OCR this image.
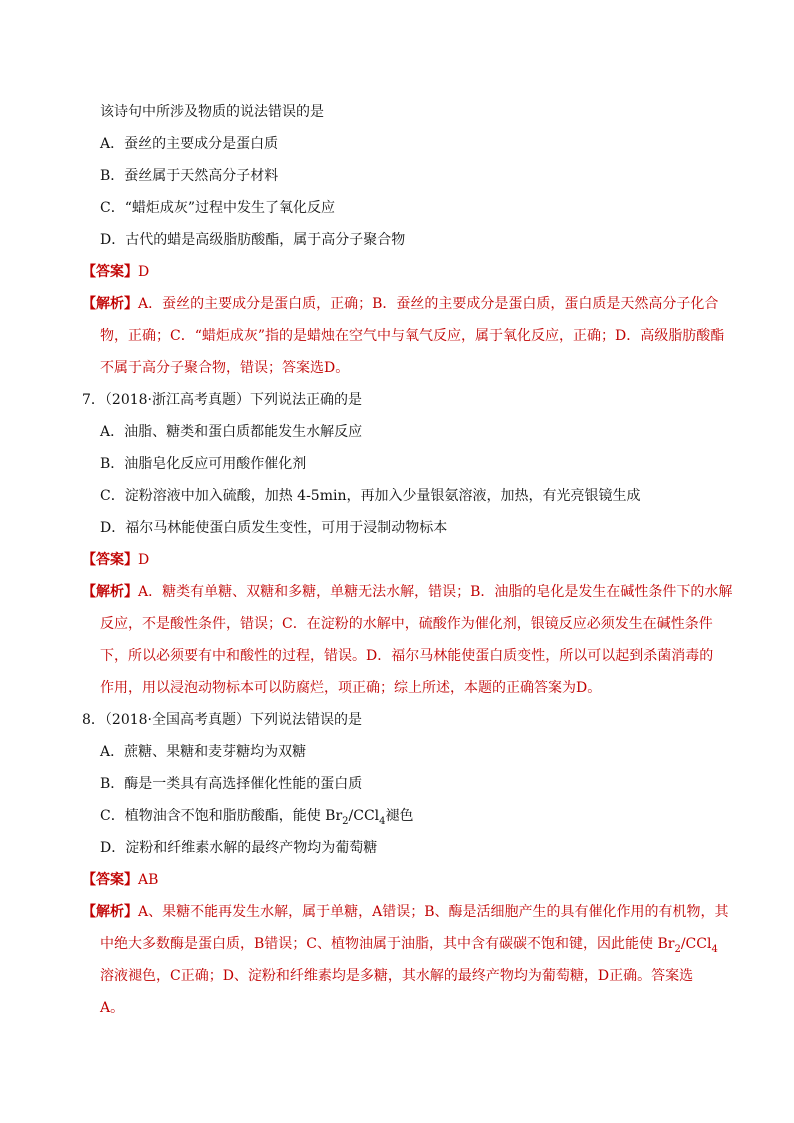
该诗句中所涉及物质的说法错误的是
A．蚕丝的主要成分是蛋白质
B．蚕丝属于天然高分子材料
C．“蜡炬成灰”过程中发生了氧化反应
D．古代的蜡是高级脂肪酸酯，属于高分子聚合物
【答案】D
【解析】A．蚕丝的主要成分是蛋白质，正确；B．蚕丝的主要成分是蛋白质，蛋白质是天然高分子化合
物，正确；C．“蜡炬成灰”指的是蜡烛在空气中与氧气反应，属于氧化反应，正确；D．高级脂肪酸酯
不属于高分子聚合物，错误；答案选D。
7．（2018·浙江高考真题）下列说法正确的是
A．油脂、糖类和蛋白质都能发生水解反应
B．油脂皂化反应可用酸作催化剂
C．淀粉溶液中加入硫酸，加热 4-5min，再加入少量银氨溶液，加热，有光亮银镜生成
D．福尔马林能使蛋白质发生变性，可用于浸制动物标本
【答案】D
【解析】A．糖类有单糖、双糖和多糖，单糖无法水解，错误；B．油脂的皂化是发生在碱性条件下的水解
反应，不是酸性条件，错误；C．在淀粉的水解中，硫酸作为催化剂，银镜反应必须发生在碱性条件
下，所以必须要有中和酸性的过程，错误。D．福尔马林能使蛋白质变性，所以可以起到杀菌消毒的
作用，用以浸泡动物标本可以防腐烂，项正确；综上所述，本题的正确答案为D。
8．（2018·全国高考真题）下列说法错误的是
A．蔗糖、果糖和麦芽糖均为双糖
B．酶是一类具有高选择催化性能的蛋白质
C．植物油含不饱和脂肪酸酯，能使 $Br_2/CCl_4$褪色
D．淀粉和纤维素水解的最终产物均为葡萄糖
【答案】AB
【解析】A、果糖不能再发生水解，属于单糖，A错误；B、酶是活细胞产生的具有催化作用的有机物，其
中绝大多数酶是蛋白质，B错误；C、植物油属于油脂，其中含有碳碳不饱和键，因此能使 $Br_2/CCl_4$
溶液褪色，C正确；D、淀粉和纤维素均是多糖，其水解的最终产物均为葡萄糖，D正确。答案选
A。
